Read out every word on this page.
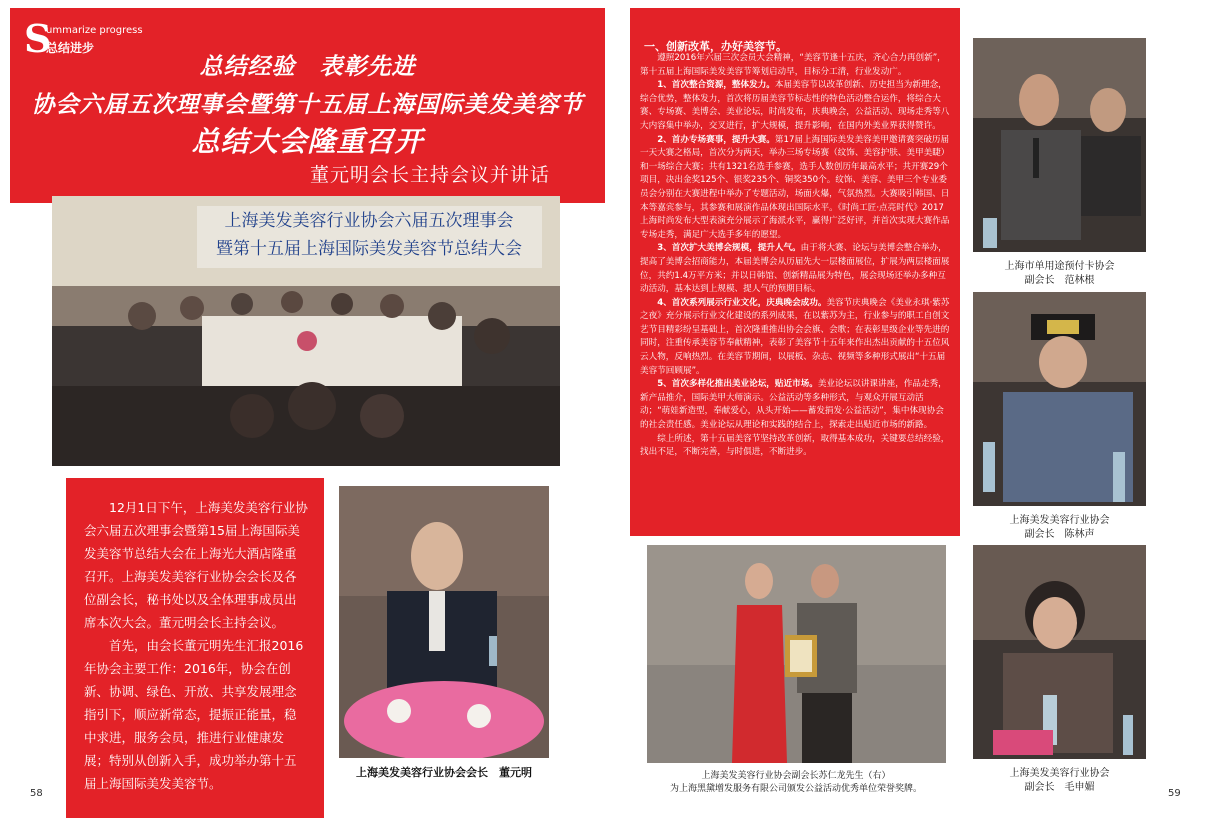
S
ummarize progress
总结进步
总结经验　表彰先进
协会六届五次理事会暨第十五届上海国际美发美容节
总结大会隆重召开
董元明会长主持会议并讲话
上海美发美容行业协会六届五次理事会
暨第十五届上海国际美发美容节总结大会

12月1日下午，上海美发美容行业协会六届五次理事会暨第15届上海国际美发美容节总结大会在上海光大酒店隆重召开。上海美发美容行业协会会长及各位副会长，秘书处以及全体理事成员出席本次大会。董元明会长主持会议。

首先，由会长董元明先生汇报2016年协会主要工作：2016年，协会在创新、协调、绿色、开放、共享发展理念指引下，顺应新常态，提振正能量，稳中求进，服务会员，推进行业健康发展；特别从创新入手，成功举办第十五届上海国际美发美容节。

上海美发美容行业协会会长　董元明
58	59
一、创新改革，办好美容节。

遵照2016年六届三次会员大会精神，“美容节逢十五庆，齐心合力再创新”，第十五届上海国际美发美容节筹划启动早，目标分工清，行业发动广。

1、首次整合资源，整体发力。本届美容节以改革创新、历史担当为新理念，综合优势，整体发力，首次将历届美容节标志性的特色活动整合运作，将综合大赛、专场赛、美博会、美业论坛，时尚发布，庆典晚会，公益活动、现场走秀等八大内容集中举办，交叉进行，扩大规模，提升影响，在国内外美业界获得赞许。

2、首办专场赛事，提升大赛。第17届上海国际美发美容美甲邀请赛突破历届一天大赛之格局，首次分为两天，举办三场专场赛（纹饰、美容护肤、美甲美睫）和一场综合大赛；共有1321名选手参赛，选手人数创历年最高水平；共开赛29个项目，决出金奖125个、银奖235个、铜奖350个。纹饰、美容、美甲三个专业委员会分别在大赛进程中举办了专题活动，场面火爆，气氛热烈。大赛吸引韩国、日本等嘉宾参与，其参赛和展演作品体现出国际水平。《时尚工匠·点亮时代》2017上海时尚发布大型表演充分展示了海派水平，赢得广泛好评，并首次实现大赛作品专场走秀，满足广大选手多年的愿望。

3、首次扩大美博会规模，提升人气。由于将大赛、论坛与美博会整合举办，提高了美博会招商能力，本届美博会从历届先大一层楼面展位，扩展为两层楼面展位，共约1.4万平方米；并以日韩馆、创新精品展为特色，展会现场还举办多种互动活动，基本达到上规模、提人气的预期目标。

4、首次系列展示行业文化，庆典晚会成功。美容节庆典晚会《美业永琪·紫苏之夜》充分展示行业文化建设的系列成果，在以紫苏为主，行业参与的职工自创文艺节目精彩纷呈基础上，首次隆重推出协会会旗、会歌；在表彰星级企业等先进的同时，注重传承美容节奉献精神，表彰了美容节十五年来作出杰出贡献的十五位风云人物，反响热烈。在美容节期间，以展板、杂志、视频等多种形式展出“十五届美容节回顾展”。

5、首次多样化推出美业论坛，贴近市场。美业论坛以讲课讲座，作品走秀，新产品推介，国际美甲大师演示。公益活动等多种形式，与观众开展互动活动；“萌娃新造型，奉献爱心，从头开始——蓄发捐发·公益活动”，集中体现协会的社会责任感。美业论坛从理论和实践的结合上，探索走出贴近市场的新路。

综上所述，第十五届美容节坚持改革创新，取得基本成功，关键要总结经验，找出不足，不断完善，与时俱进，不断进步。

上海美发美容行业协会副会长苏仁龙先生（右）
为上海黑黛增发服务有限公司颁发公益活动优秀单位荣誉奖牌。
上海市单用途预付卡协会
副会长　范林根
上海美发美容行业协会
副会长　陈林声
上海美发美容行业协会
副会长　毛申媚
